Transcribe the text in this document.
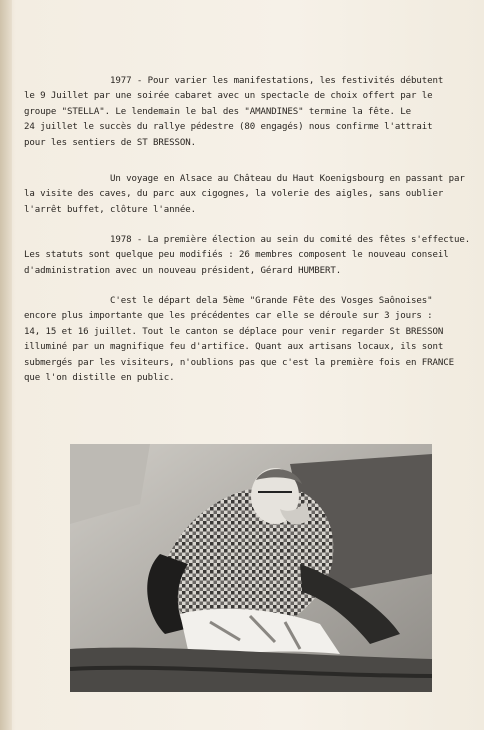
1977 - Pour varier les manifestations, les festivités débutent
le 9 Juillet par une soirée cabaret avec un spectacle de choix offert par le
groupe "STELLA". Le lendemain le bal des "AMANDINES" termine la fête. Le
24 juillet le succès du rallye pédestre (80 engagés) nous confirme l'attrait
pour les sentiers de ST BRESSON.

Un voyage en Alsace au Château du Haut Koenigsbourg en passant par
la visite des caves, du parc aux cigognes, la volerie des aigles, sans oublier
l'arrêt buffet, clôture l'année.

1978 - La première élection au sein du comité des fêtes s'effectue.
Les statuts sont quelque peu modifiés : 26 membres composent le nouveau conseil
d'administration avec un nouveau président, Gérard HUMBERT.

C'est le départ dela 5ème "Grande Fête des Vosges Saônoises"
encore plus importante que les précédentes car elle se déroule sur 3 jours :
14, 15 et 16 juillet. Tout le canton se déplace pour venir regarder St BRESSON
illuminé par un magnifique feu d'artifice. Quant aux artisans locaux, ils sont
submergés par les visiteurs, n'oublions pas que c'est la première fois en FRANCE
que l'on distille en public.
